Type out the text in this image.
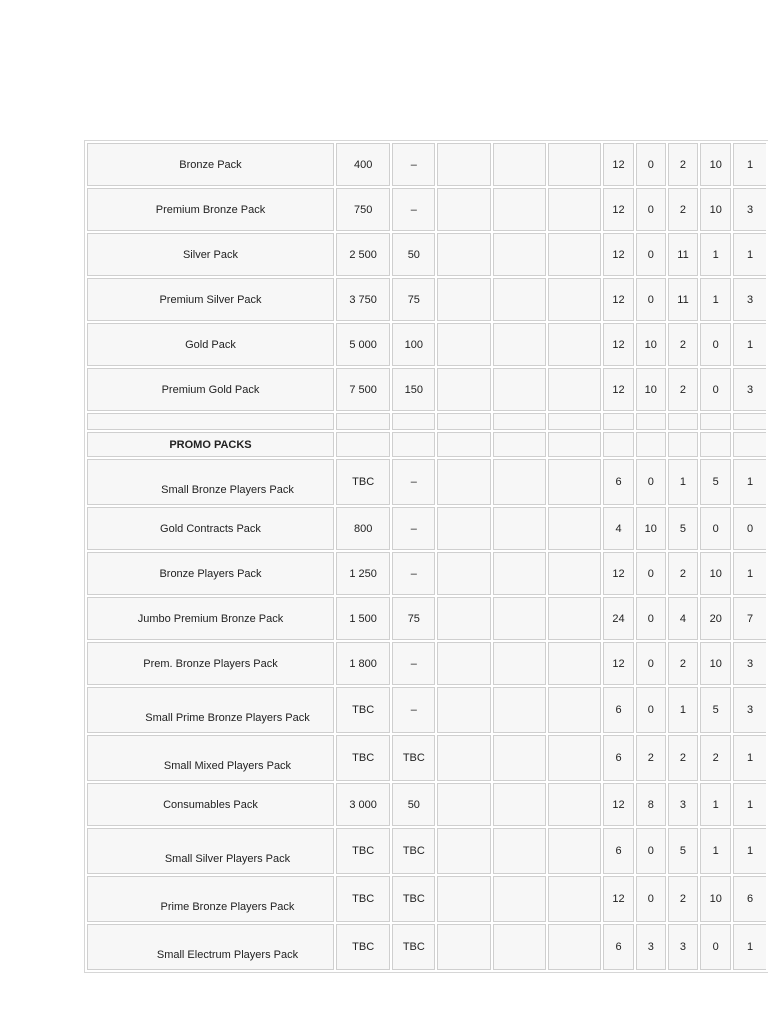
Bronze Pack	400	–				12	0	2	10	1
Premium Bronze Pack	750	–				12	0	2	10	3
Silver Pack	2 500	50				12	0	11	1	1
Premium Silver Pack	3 750	75				12	0	11	1	3
Gold Pack	5 000	100				12	10	2	0	1
Premium Gold Pack	7 500	150				12	10	2	0	3

PROMO PACKS										
Small Bronze Players Pack	TBC	–				6	0	1	5	1
Gold Contracts Pack	800	–				4	10	5	0	0
Bronze Players Pack	1 250	–				12	0	2	10	1
Jumbo Premium Bronze Pack	1 500	75				24	0	4	20	7
Prem. Bronze Players Pack	1 800	–				12	0	2	10	3
Small Prime Bronze Players Pack	TBC	–				6	0	1	5	3
Small Mixed Players Pack	TBC	TBC				6	2	2	2	1
Consumables Pack	3 000	50				12	8	3	1	1
Small Silver Players Pack	TBC	TBC				6	0	5	1	1
Prime Bronze Players Pack	TBC	TBC				12	0	2	10	6
Small Electrum Players Pack	TBC	TBC				6	3	3	0	1
